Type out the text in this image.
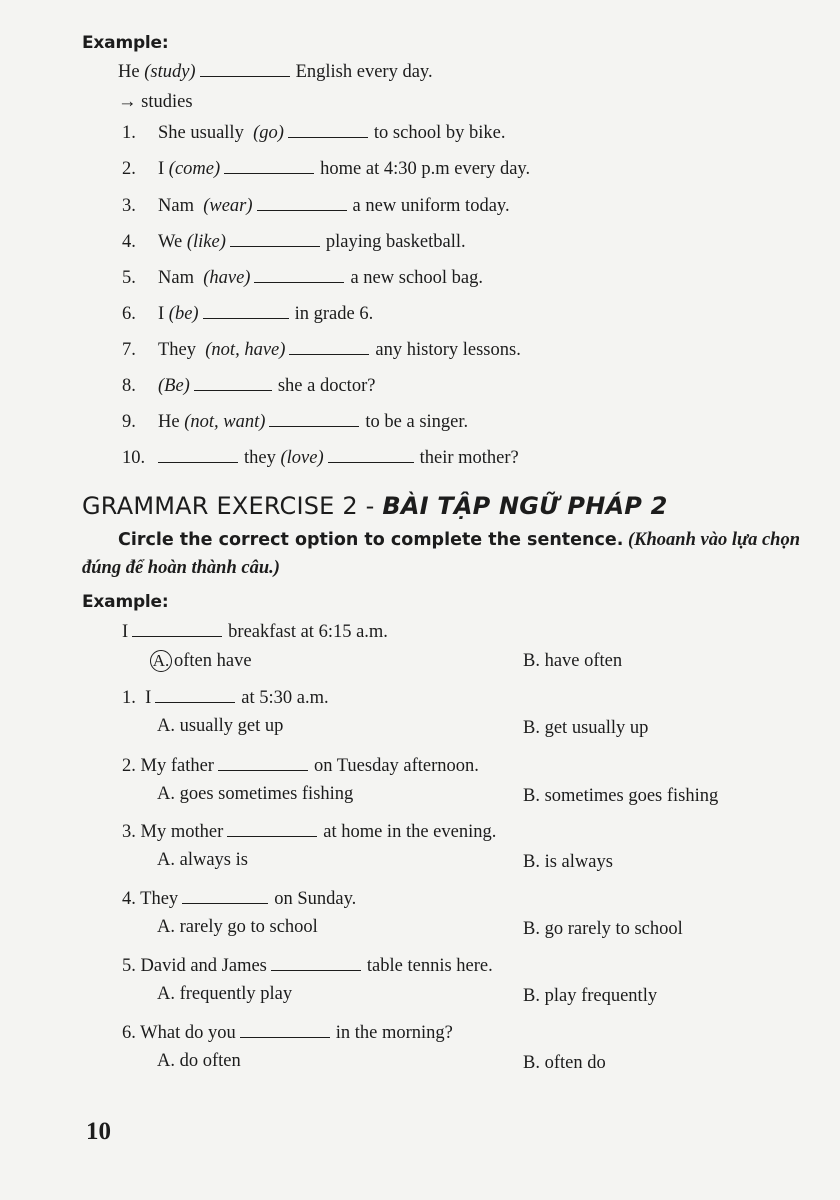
Example:
He (study)	English every day.
→ studies
1. She usually (go)	to school by bike.
2. I (come)	home at 4:30 p.m every day.
3. Nam (wear)	a new uniform today.
4. We (like)	playing basketball.
5. Nam (have)	a new school bag.
6. I (be)	in grade 6.
7. They (not, have)	any history lessons.
8. (Be)	she a doctor?
9. He (not, want)	to be a singer.
10.	they (love)	their mother?
GRAMMAR EXERCISE 2 - BÀI TẬP NGỮ PHÁP 2
Circle the correct option to complete the sentence. (Khoanh vào lựa chọn đúng để hoàn thành câu.)
Example:
I	breakfast at 6:15 a.m.
A. often have	B. have often
1. I	at 5:30 a.m.
A. usually get up	B. get usually up
2. My father	on Tuesday afternoon.
A. goes sometimes fishing	B. sometimes goes fishing
3. My mother	at home in the evening.
A. always is	B. is always
4. They	on Sunday.
A. rarely go to school	B. go rarely to school
5. David and James	table tennis here.
A. frequently play	B. play frequently
6. What do you	in the morning?
A. do often	B. often do
10
